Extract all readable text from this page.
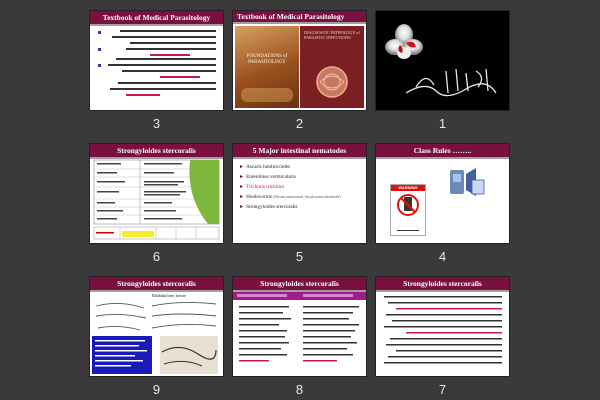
Textbook of Medical Parasitology
3
Textbook of Medical Parasitology
FOUNDATIONS of PARASITOLOGY
DIAGNOSTIC PATHOLOGY of PARASITIC INFECTIONS
2	1
Strongyloides stercoralis
6
5 Major intestinal nematodes
► Ascaris lumbricoides
► Enterobius vermicularis
► Trichuris trichiura
► Hookworms (Necator americanus, Ancylostoma duodenale)
► Strongyloides stercoralis
5
Class Rules ……..
WARNING
4
Strongyloides stercoralis
Rhabditiform larvae
9
Strongyloides stercoralis
8
Strongyloides stercoralis
7
